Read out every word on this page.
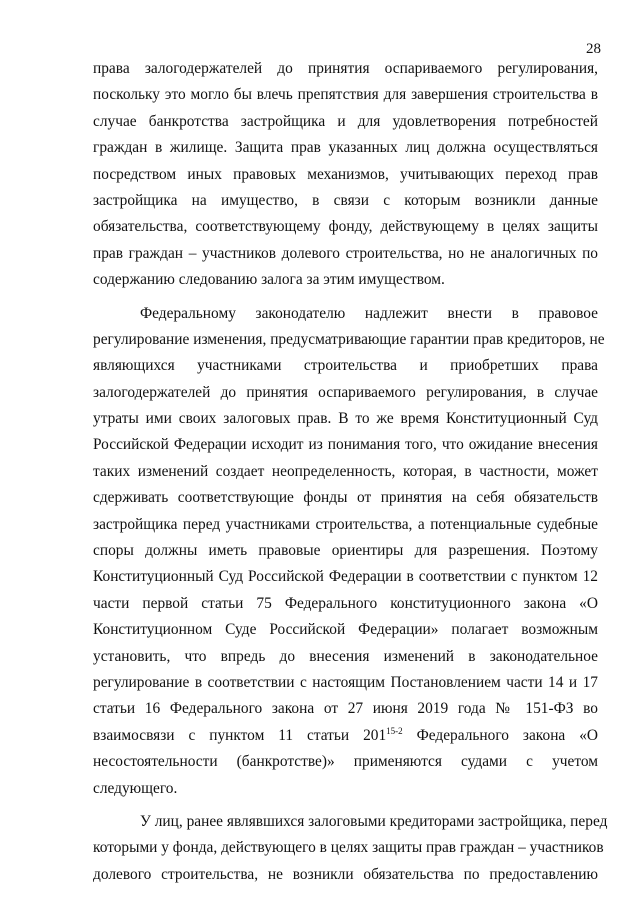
28
права залогодержателей до принятия оспариваемого регулирования,
поскольку это могло бы влечь препятствия для завершения строительства в
случае банкротства застройщика и для удовлетворения потребностей
граждан в жилище. Защита прав указанных лиц должна осуществляться
посредством иных правовых механизмов, учитывающих переход прав
застройщика на имущество, в связи с которым возникли данные
обязательства, соответствующему фонду, действующему в целях защиты
прав граждан – участников долевого строительства, но не аналогичных по
содержанию следованию залога за этим имуществом.
Федеральному законодателю надлежит внести в правовое
регулирование изменения, предусматривающие гарантии прав кредиторов, не
являющихся участниками строительства и приобретших права
залогодержателей до принятия оспариваемого регулирования, в случае
утраты ими своих залоговых прав. В то же время Конституционный Суд
Российской Федерации исходит из понимания того, что ожидание внесения
таких изменений создает неопределенность, которая, в частности, может
сдерживать соответствующие фонды от принятия на себя обязательств
застройщика перед участниками строительства, а потенциальные судебные
споры должны иметь правовые ориентиры для разрешения. Поэтому
Конституционный Суд Российской Федерации в соответствии с пунктом 12
части первой статьи 75 Федерального конституционного закона «О
Конституционном Суде Российской Федерации» полагает возможным
установить, что впредь до внесения изменений в законодательное
регулирование в соответствии с настоящим Постановлением части 14 и 17
статьи 16 Федерального закона от 27 июня 2019 года № 151-ФЗ во
взаимосвязи с пунктом 11 статьи 201$^{15-2}$ Федерального закона «О
несостоятельности (банкротстве)» применяются судами с учетом
следующего.
У лиц, ранее являвшихся залоговыми кредиторами застройщика, перед
которыми у фонда, действующего в целях защиты прав граждан – участников
долевого строительства, не возникли обязательства по предоставлению
